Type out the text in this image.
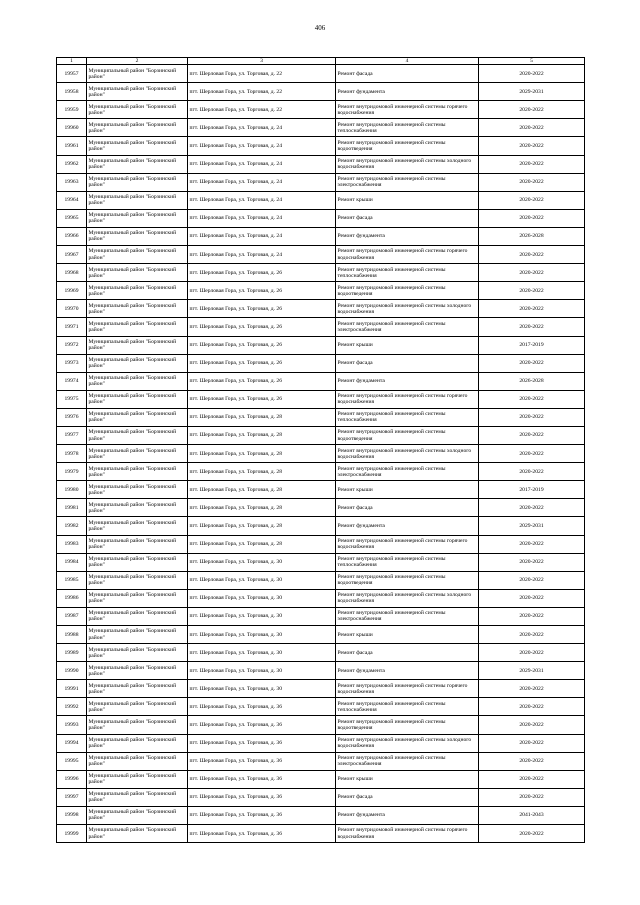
406
1	2	3	4	5
19957	Муниципальный район "Борзинский район"	пгт. Шерловая Гора, ул. Торговая, д. 22	Ремонт фасада	2020-2022
19958	Муниципальный район "Борзинский район"	пгт. Шерловая Гора, ул. Торговая, д. 22	Ремонт фундамента	2029-2031
19959	Муниципальный район "Борзинский район"	пгт. Шерловая Гора, ул. Торговая, д. 22	Ремонт внутридомовой инженерной системы горячего водоснабжения	2020-2022
19960	Муниципальный район "Борзинский район"	пгт. Шерловая Гора, ул. Торговая, д. 24	Ремонт внутридомовой инженерной системы теплоснабжения	2020-2022
19961	Муниципальный район "Борзинский район"	пгт. Шерловая Гора, ул. Торговая, д. 24	Ремонт внутридомовой инженерной системы водоотведения	2020-2022
19962	Муниципальный район "Борзинский район"	пгт. Шерловая Гора, ул. Торговая, д. 24	Ремонт внутридомовой инженерной системы холодного водоснабжения	2020-2022
19963	Муниципальный район "Борзинский район"	пгт. Шерловая Гора, ул. Торговая, д. 24	Ремонт внутридомовой инженерной системы электроснабжения	2020-2022
19964	Муниципальный район "Борзинский район"	пгт. Шерловая Гора, ул. Торговая, д. 24	Ремонт крыши	2020-2022
19965	Муниципальный район "Борзинский район"	пгт. Шерловая Гора, ул. Торговая, д. 24	Ремонт фасада	2020-2022
19966	Муниципальный район "Борзинский район"	пгт. Шерловая Гора, ул. Торговая, д. 24	Ремонт фундамента	2026-2028
19967	Муниципальный район "Борзинский район"	пгт. Шерловая Гора, ул. Торговая, д. 24	Ремонт внутридомовой инженерной системы горячего водоснабжения	2020-2022
19968	Муниципальный район "Борзинский район"	пгт. Шерловая Гора, ул. Торговая, д. 26	Ремонт внутридомовой инженерной системы теплоснабжения	2020-2022
19969	Муниципальный район "Борзинский район"	пгт. Шерловая Гора, ул. Торговая, д. 26	Ремонт внутридомовой инженерной системы водоотведения	2020-2022
19970	Муниципальный район "Борзинский район"	пгт. Шерловая Гора, ул. Торговая, д. 26	Ремонт внутридомовой инженерной системы холодного водоснабжения	2020-2022
19971	Муниципальный район "Борзинский район"	пгт. Шерловая Гора, ул. Торговая, д. 26	Ремонт внутридомовой инженерной системы электроснабжения	2020-2022
19972	Муниципальный район "Борзинский район"	пгт. Шерловая Гора, ул. Торговая, д. 26	Ремонт крыши	2017-2019
19973	Муниципальный район "Борзинский район"	пгт. Шерловая Гора, ул. Торговая, д. 26	Ремонт фасада	2020-2022
19974	Муниципальный район "Борзинский район"	пгт. Шерловая Гора, ул. Торговая, д. 26	Ремонт фундамента	2026-2028
19975	Муниципальный район "Борзинский район"	пгт. Шерловая Гора, ул. Торговая, д. 26	Ремонт внутридомовой инженерной системы горячего водоснабжения	2020-2022
19976	Муниципальный район "Борзинский район"	пгт. Шерловая Гора, ул. Торговая, д. 28	Ремонт внутридомовой инженерной системы теплоснабжения	2020-2022
19977	Муниципальный район "Борзинский район"	пгт. Шерловая Гора, ул. Торговая, д. 28	Ремонт внутридомовой инженерной системы водоотведения	2020-2022
19978	Муниципальный район "Борзинский район"	пгт. Шерловая Гора, ул. Торговая, д. 28	Ремонт внутридомовой инженерной системы холодного водоснабжения	2020-2022
19979	Муниципальный район "Борзинский район"	пгт. Шерловая Гора, ул. Торговая, д. 28	Ремонт внутридомовой инженерной системы электроснабжения	2020-2022
19980	Муниципальный район "Борзинский район"	пгт. Шерловая Гора, ул. Торговая, д. 28	Ремонт крыши	2017-2019
19981	Муниципальный район "Борзинский район"	пгт. Шерловая Гора, ул. Торговая, д. 28	Ремонт фасада	2020-2022
19982	Муниципальный район "Борзинский район"	пгт. Шерловая Гора, ул. Торговая, д. 28	Ремонт фундамента	2029-2031
19983	Муниципальный район "Борзинский район"	пгт. Шерловая Гора, ул. Торговая, д. 28	Ремонт внутридомовой инженерной системы горячего водоснабжения	2020-2022
19984	Муниципальный район "Борзинский район"	пгт. Шерловая Гора, ул. Торговая, д. 30	Ремонт внутридомовой инженерной системы теплоснабжения	2020-2022
19985	Муниципальный район "Борзинский район"	пгт. Шерловая Гора, ул. Торговая, д. 30	Ремонт внутридомовой инженерной системы водоотведения	2020-2022
19986	Муниципальный район "Борзинский район"	пгт. Шерловая Гора, ул. Торговая, д. 30	Ремонт внутридомовой инженерной системы холодного водоснабжения	2020-2022
19987	Муниципальный район "Борзинский район"	пгт. Шерловая Гора, ул. Торговая, д. 30	Ремонт внутридомовой инженерной системы электроснабжения	2020-2022
19988	Муниципальный район "Борзинский район"	пгт. Шерловая Гора, ул. Торговая, д. 30	Ремонт крыши	2020-2022
19989	Муниципальный район "Борзинский район"	пгт. Шерловая Гора, ул. Торговая, д. 30	Ремонт фасада	2020-2022
19990	Муниципальный район "Борзинский район"	пгт. Шерловая Гора, ул. Торговая, д. 30	Ремонт фундамента	2029-2031
19991	Муниципальный район "Борзинский район"	пгт. Шерловая Гора, ул. Торговая, д. 30	Ремонт внутридомовой инженерной системы горячего водоснабжения	2020-2022
19992	Муниципальный район "Борзинский район"	пгт. Шерловая Гора, ул. Торговая, д. 36	Ремонт внутридомовой инженерной системы теплоснабжения	2020-2022
19993	Муниципальный район "Борзинский район"	пгт. Шерловая Гора, ул. Торговая, д. 36	Ремонт внутридомовой инженерной системы водоотведения	2020-2022
19994	Муниципальный район "Борзинский район"	пгт. Шерловая Гора, ул. Торговая, д. 36	Ремонт внутридомовой инженерной системы холодного водоснабжения	2020-2022
19995	Муниципальный район "Борзинский район"	пгт. Шерловая Гора, ул. Торговая, д. 36	Ремонт внутридомовой инженерной системы электроснабжения	2020-2022
19996	Муниципальный район "Борзинский район"	пгт. Шерловая Гора, ул. Торговая, д. 36	Ремонт крыши	2020-2022
19997	Муниципальный район "Борзинский район"	пгт. Шерловая Гора, ул. Торговая, д. 36	Ремонт фасада	2020-2022
19998	Муниципальный район "Борзинский район"	пгт. Шерловая Гора, ул. Торговая, д. 36	Ремонт фундамента	2041-2043
19999	Муниципальный район "Борзинский район"	пгт. Шерловая Гора, ул. Торговая, д. 36	Ремонт внутридомовой инженерной системы горячего водоснабжения	2020-2022
